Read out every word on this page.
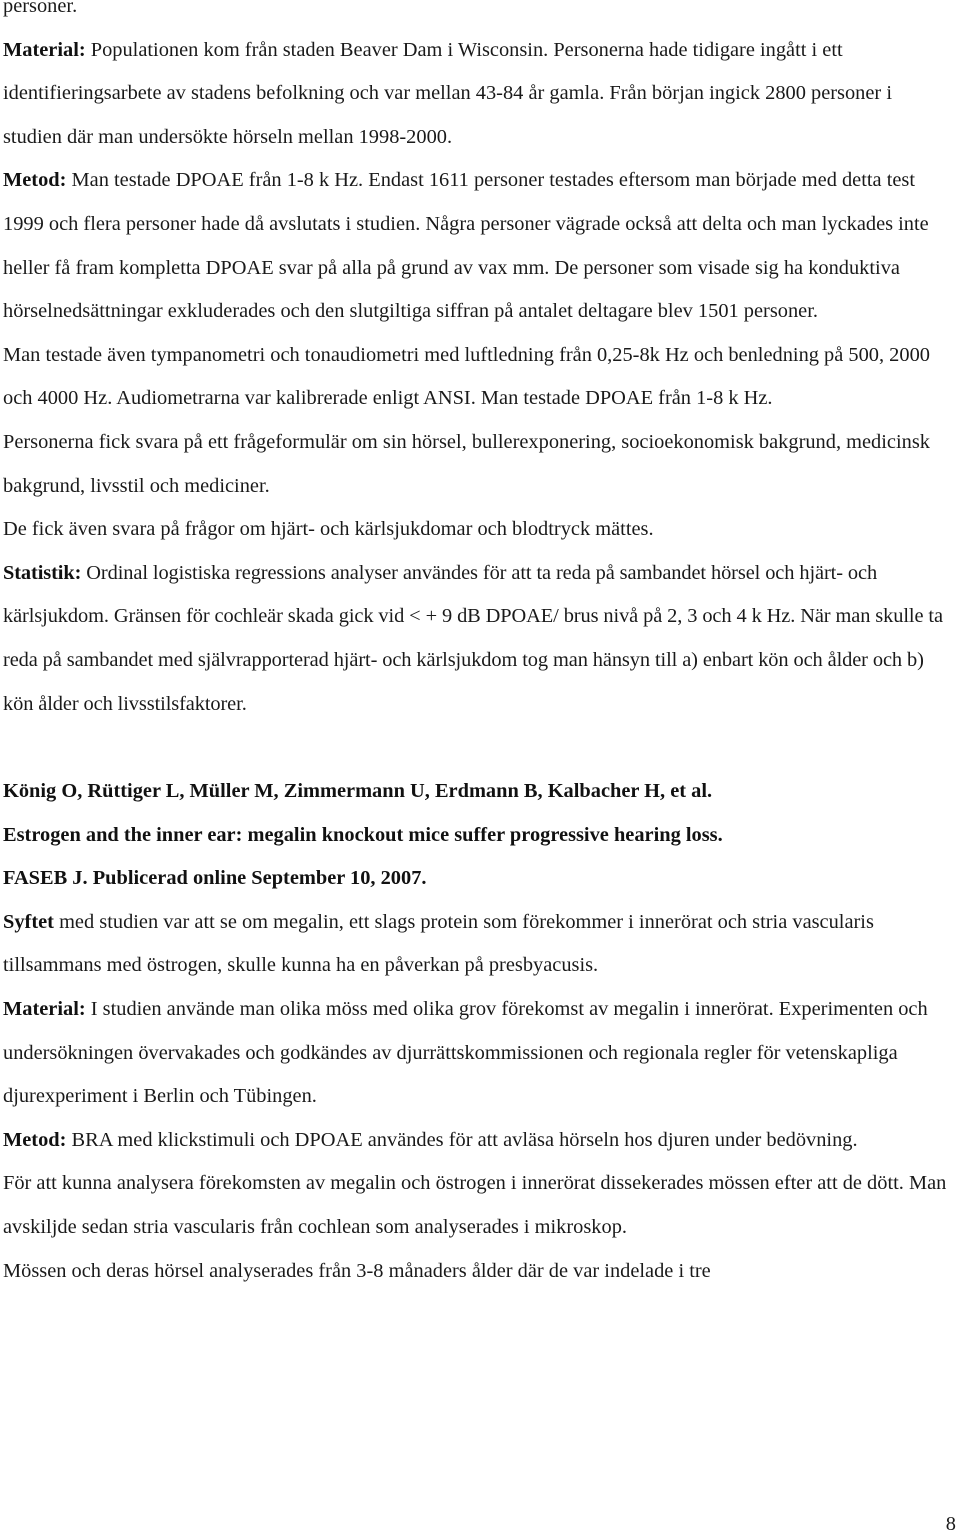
personer.

Material: Populationen kom från staden Beaver Dam i Wisconsin. Personerna hade tidigare ingått i ett identifieringsarbete av stadens befolkning och var mellan 43-84 år gamla. Från början ingick 2800 personer i studien där man undersökte hörseln mellan 1998-2000.

Metod: Man testade DPOAE från 1-8 k Hz. Endast 1611 personer testades eftersom man började med detta test 1999 och flera personer hade då avslutats i studien. Några personer vägrade också att delta och man lyckades inte heller få fram kompletta DPOAE svar på alla på grund av vax mm. De personer som visade sig ha konduktiva hörselnedsättningar exkluderades och den slutgiltiga siffran på antalet deltagare blev 1501 personer.

Man testade även tympanometri och tonaudiometri med luftledning från 0,25-8k Hz och benledning på 500, 2000 och 4000 Hz. Audiometrarna var kalibrerade enligt ANSI. Man testade DPOAE från 1-8 k Hz.

Personerna fick svara på ett frågeformulär om sin hörsel, bullerexponering, socioekonomisk bakgrund, medicinsk bakgrund, livsstil och mediciner.

De fick även svara på frågor om hjärt- och kärlsjukdomar och blodtryck mättes.

Statistik: Ordinal logistiska regressions analyser användes för att ta reda på sambandet hörsel och hjärt- och kärlsjukdom. Gränsen för cochleär skada gick vid < + 9 dB DPOAE/ brus nivå på 2, 3 och 4 k Hz. När man skulle ta reda på sambandet med självrapporterad hjärt- och kärlsjukdom tog man hänsyn till a) enbart kön och ålder och b) kön ålder och livsstilsfaktorer.

König O, Rüttiger L, Müller M, Zimmermann U, Erdmann B, Kalbacher H, et al.

Estrogen and the inner ear: megalin knockout mice suffer progressive hearing loss.

FASEB J. Publicerad online September 10, 2007.

Syftet med studien var att se om megalin, ett slags protein som förekommer i innerörat och stria vascularis tillsammans med östrogen, skulle kunna ha en påverkan på presbyacusis.

Material: I studien använde man olika möss med olika grov förekomst av megalin i innerörat. Experimenten och undersökningen övervakades och godkändes av djurrättskommissionen och regionala regler för vetenskapliga djurexperiment i Berlin och Tübingen.

Metod: BRA med klickstimuli och DPOAE användes för att avläsa hörseln hos djuren under bedövning.

För att kunna analysera förekomsten av megalin och östrogen i innerörat dissekerades mössen efter att de dött. Man avskiljde sedan stria vascularis från cochlean som analyserades i mikroskop.

Mössen och deras hörsel analyserades från 3-8 månaders ålder där de var indelade i tre

8
